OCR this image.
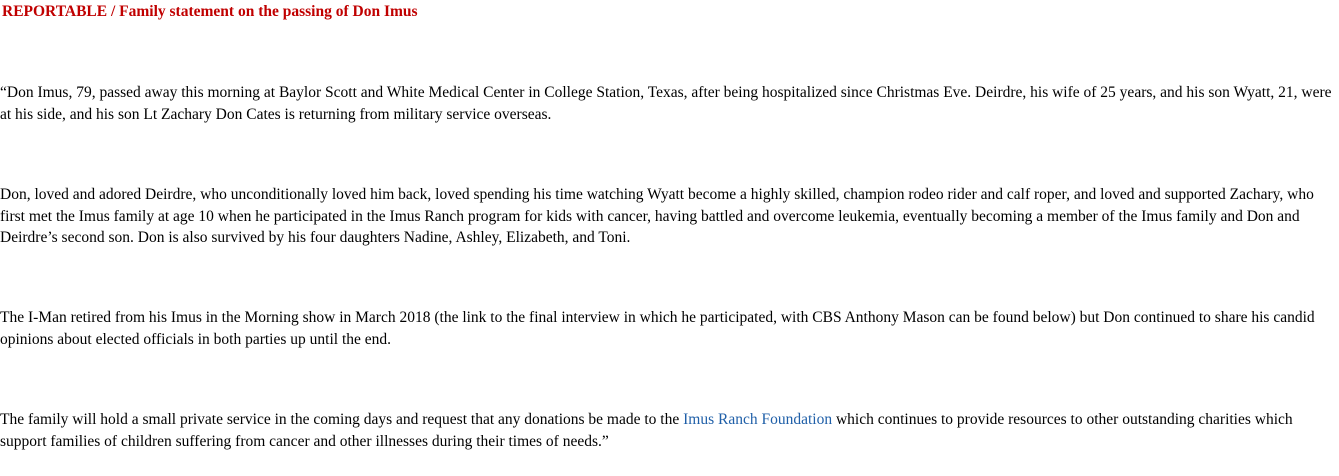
REPORTABLE / Family statement on the passing of Don Imus

“Don Imus, 79, passed away this morning at Baylor Scott and White Medical Center in College Station, Texas, after being hospitalized since Christmas Eve. Deirdre, his wife of 25 years, and his son Wyatt, 21, were at his side, and his son Lt Zachary Don Cates is returning from military service overseas.

Don, loved and adored Deirdre, who unconditionally loved him back, loved spending his time watching Wyatt become a highly skilled, champion rodeo rider and calf roper, and loved and supported Zachary, who first met the Imus family at age 10 when he participated in the Imus Ranch program for kids with cancer, having battled and overcome leukemia, eventually becoming a member of the Imus family and Don and Deirdre’s second son. Don is also survived by his four daughters Nadine, Ashley, Elizabeth, and Toni.

The I-Man retired from his Imus in the Morning show in March 2018 (the link to the final interview in which he participated, with CBS Anthony Mason can be found below) but Don continued to share his candid opinions about elected officials in both parties up until the end.

The family will hold a small private service in the coming days and request that any donations be made to the Imus Ranch Foundation which continues to provide resources to other outstanding charities which support families of children suffering from cancer and other illnesses during their times of needs.”
